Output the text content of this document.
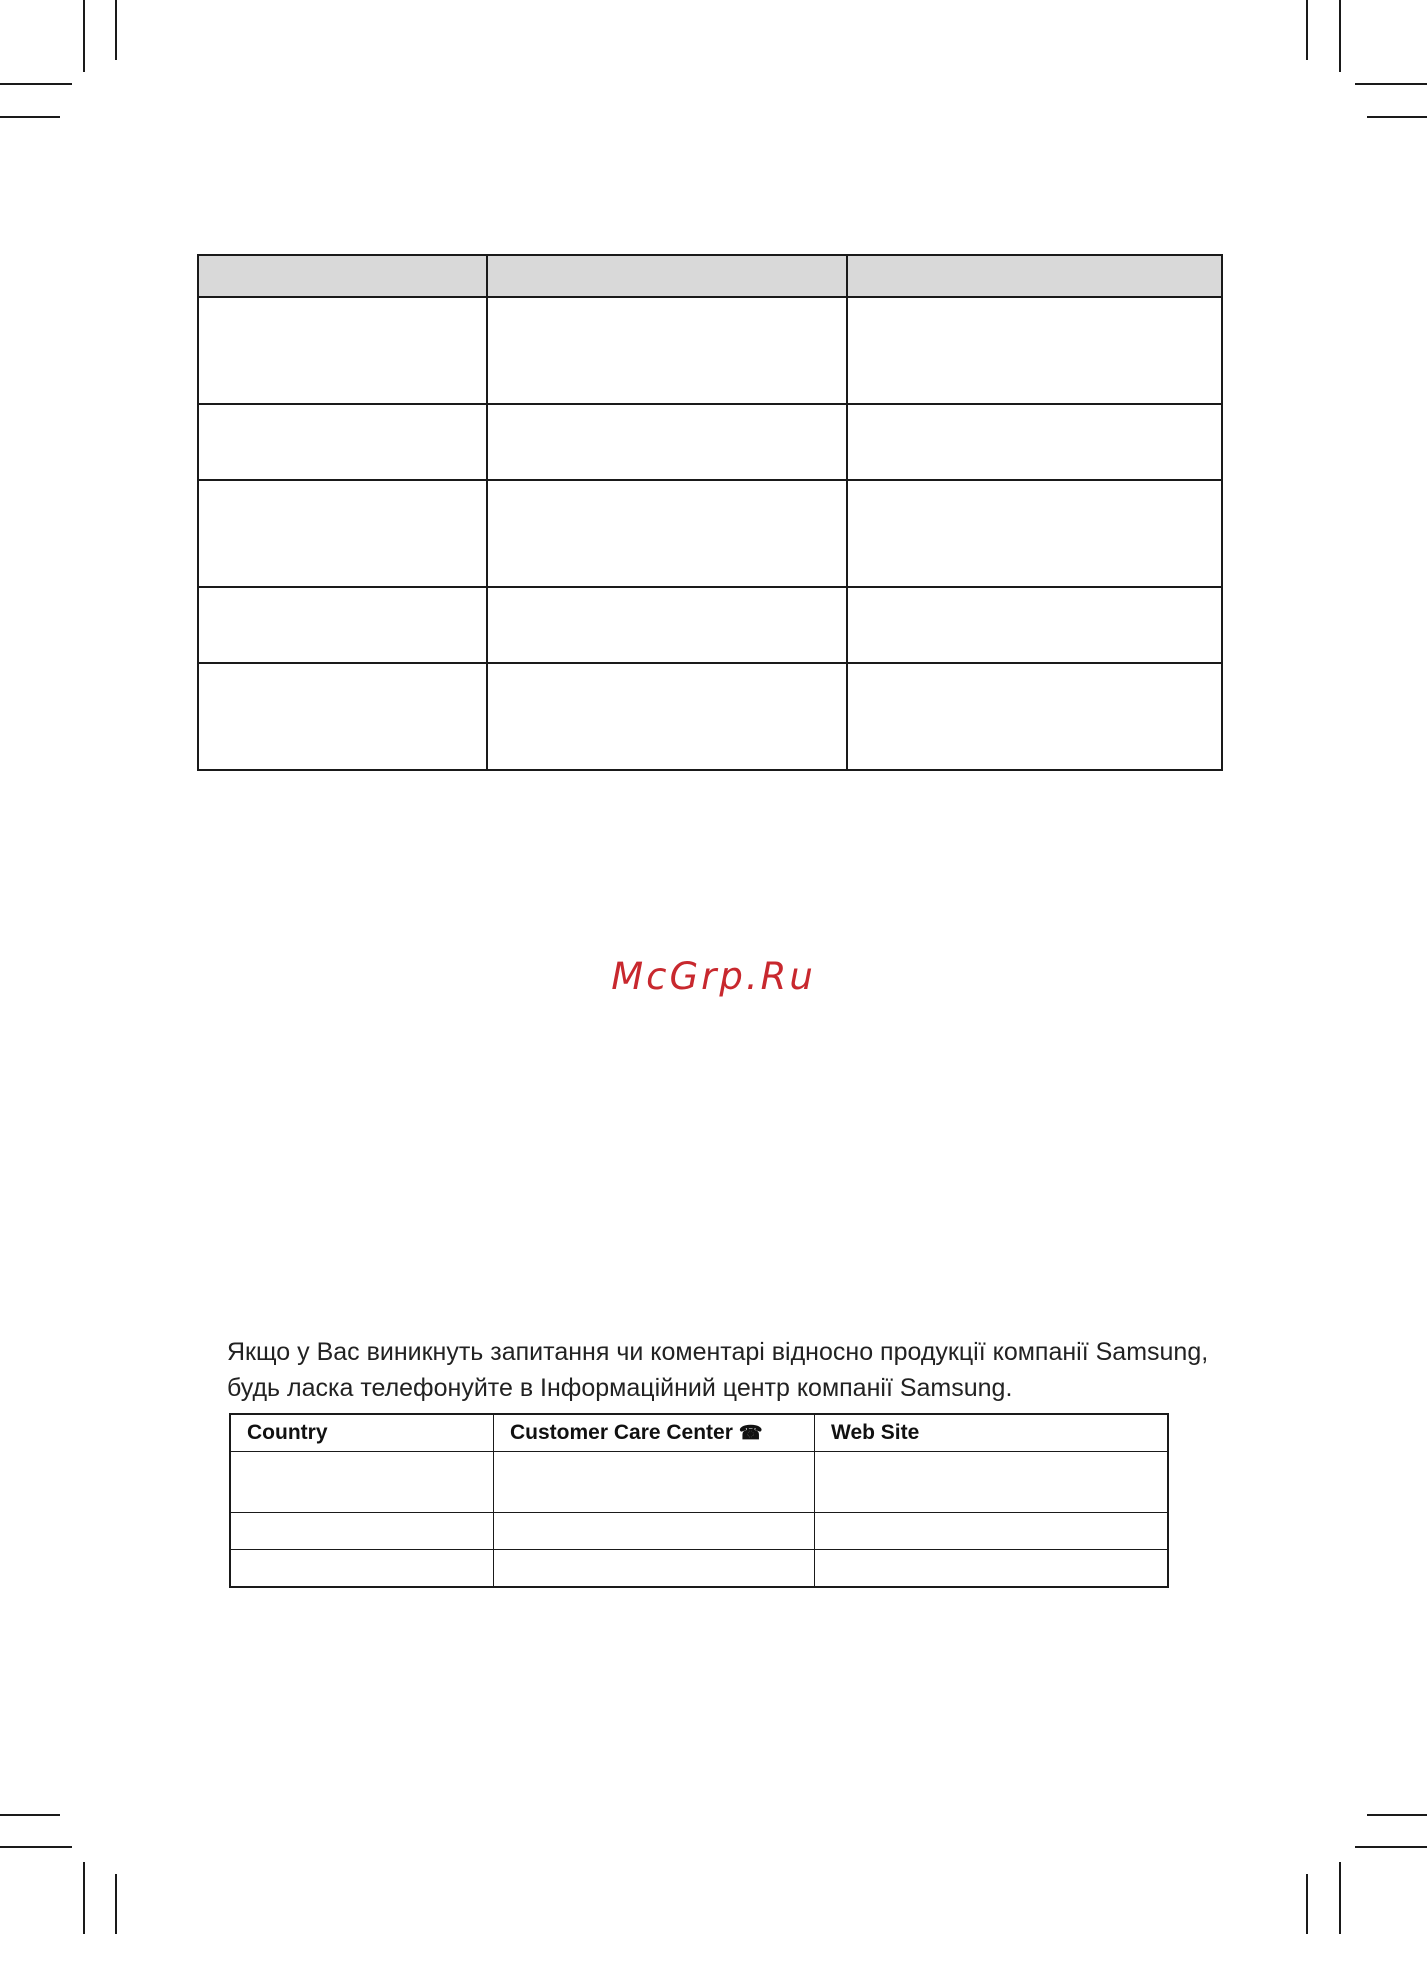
McGrp.Ru

Якщо у Вас виникнуть запитання чи коментарі відносно продукції компанії Samsung,

будь ласка телефонуйте в Інформаційний центр компанії Samsung.

Country	Customer Care Center ☎	Web Site
